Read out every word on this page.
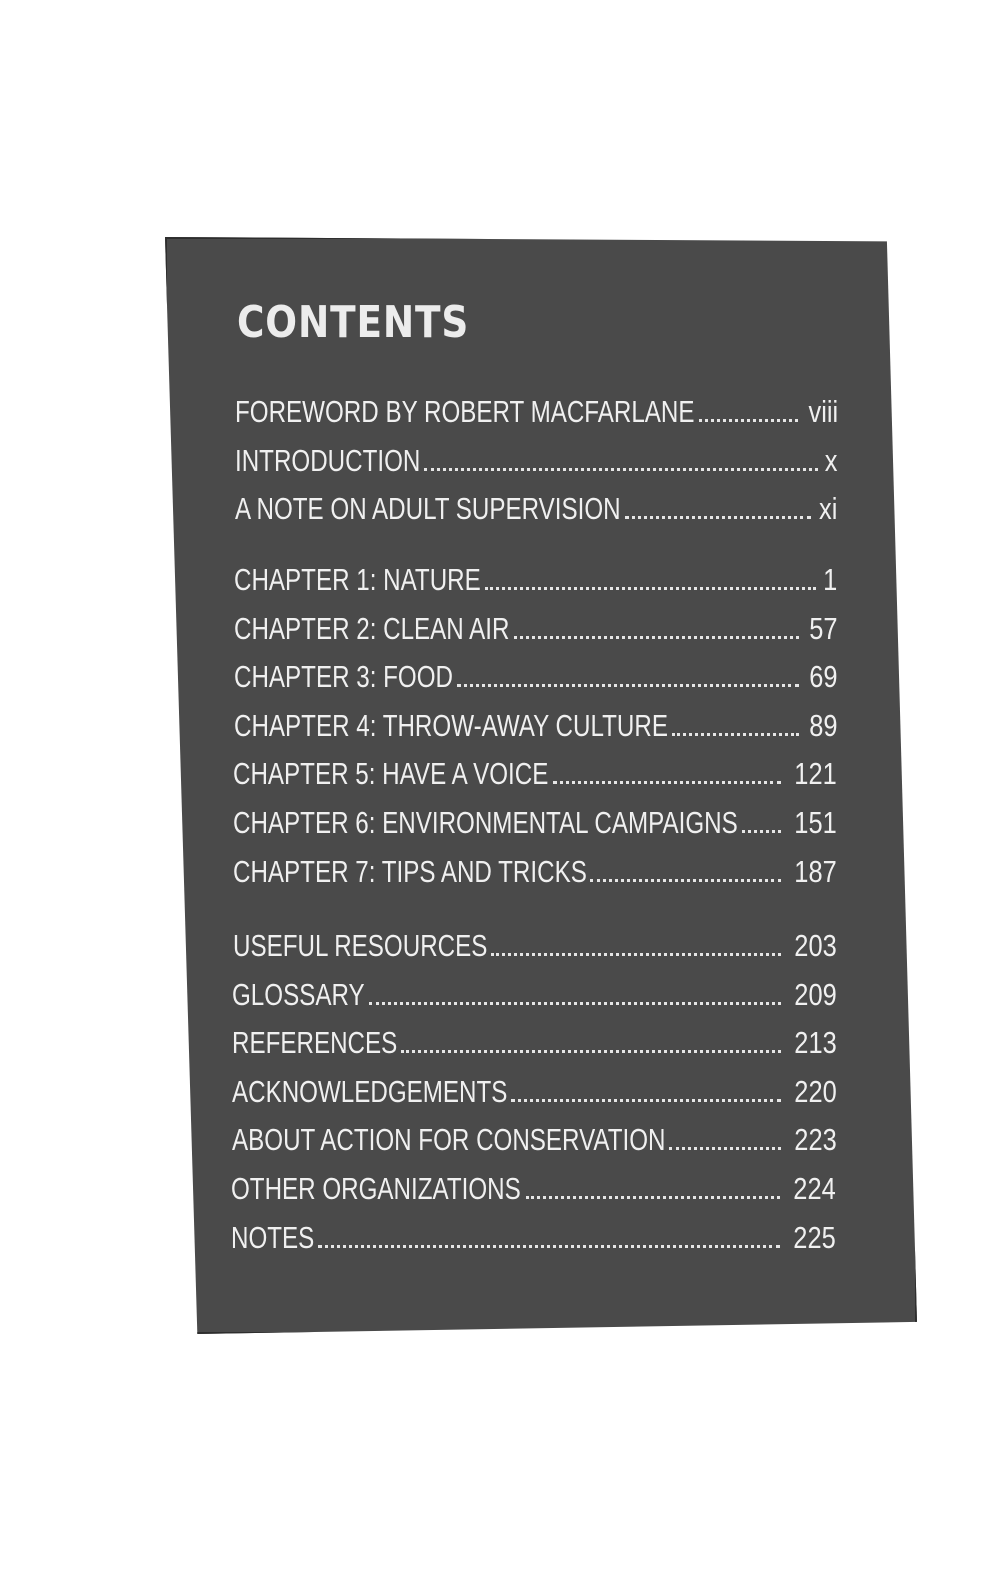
CONTENTS
FOREWORD BY ROBERT MACFARLANE	viii
INTRODUCTION	x
A NOTE ON ADULT SUPERVISION	xi
CHAPTER 1: NATURE	1
CHAPTER 2: CLEAN AIR	57
CHAPTER 3: FOOD	69
CHAPTER 4: THROW-AWAY CULTURE	89
CHAPTER 5: HAVE A VOICE	121
CHAPTER 6: ENVIRONMENTAL CAMPAIGNS 151
CHAPTER 7: TIPS AND TRICKS	187
USEFUL RESOURCES	203
GLOSSARY	209
REFERENCES	213
ACKNOWLEDGEMENTS	220
ABOUT ACTION FOR CONSERVATION	223
OTHER ORGANIZATIONS	224
NOTES	225
